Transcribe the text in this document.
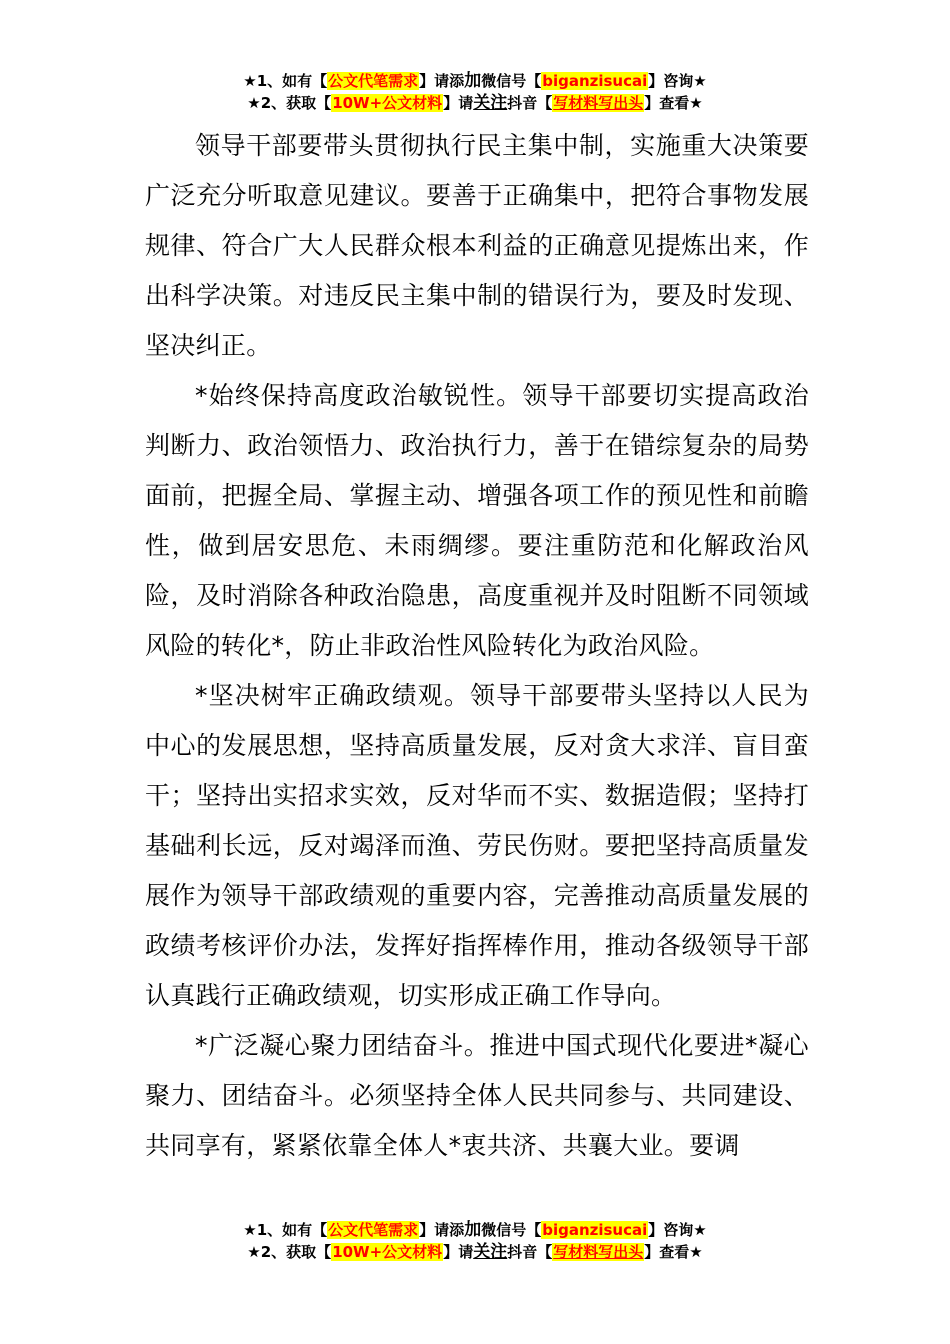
★1、如有【公文代笔需求】请添加微信号【biganzisucai】咨询★
★2、获取【10W+公文材料】请关注抖音【写材料写出头】查看★

领导干部要带头贯彻执行民主集中制，实施重大决策要广泛充分听取意见建议。要善于正确集中，把符合事物发展规律、符合广大人民群众根本利益的正确意见提炼出来，作出科学决策。对违反民主集中制的错误行为，要及时发现、坚决纠正。

*始终保持高度政治敏锐性。领导干部要切实提高政治判断力、政治领悟力、政治执行力，善于在错综复杂的局势面前，把握全局、掌握主动、增强各项工作的预见性和前瞻性，做到居安思危、未雨绸缪。要注重防范和化解政治风险，及时消除各种政治隐患，高度重视并及时阻断不同领域风险的转化*，防止非政治性风险转化为政治风险。

*坚决树牢正确政绩观。领导干部要带头坚持以人民为中心的发展思想，坚持高质量发展，反对贪大求洋、盲目蛮干；坚持出实招求实效，反对华而不实、数据造假；坚持打基础利长远，反对竭泽而渔、劳民伤财。要把坚持高质量发展作为领导干部政绩观的重要内容，完善推动高质量发展的政绩考核评价办法，发挥好指挥棒作用，推动各级领导干部认真践行正确政绩观，切实形成正确工作导向。

*广泛凝心聚力团结奋斗。推进中国式现代化要进*凝心聚力、团结奋斗。必须坚持全体人民共同参与、共同建设、共同享有，紧紧依靠全体人*衷共济、共襄大业。要调

★1、如有【公文代笔需求】请添加微信号【biganzisucai】咨询★
★2、获取【10W+公文材料】请关注抖音【写材料写出头】查看★
